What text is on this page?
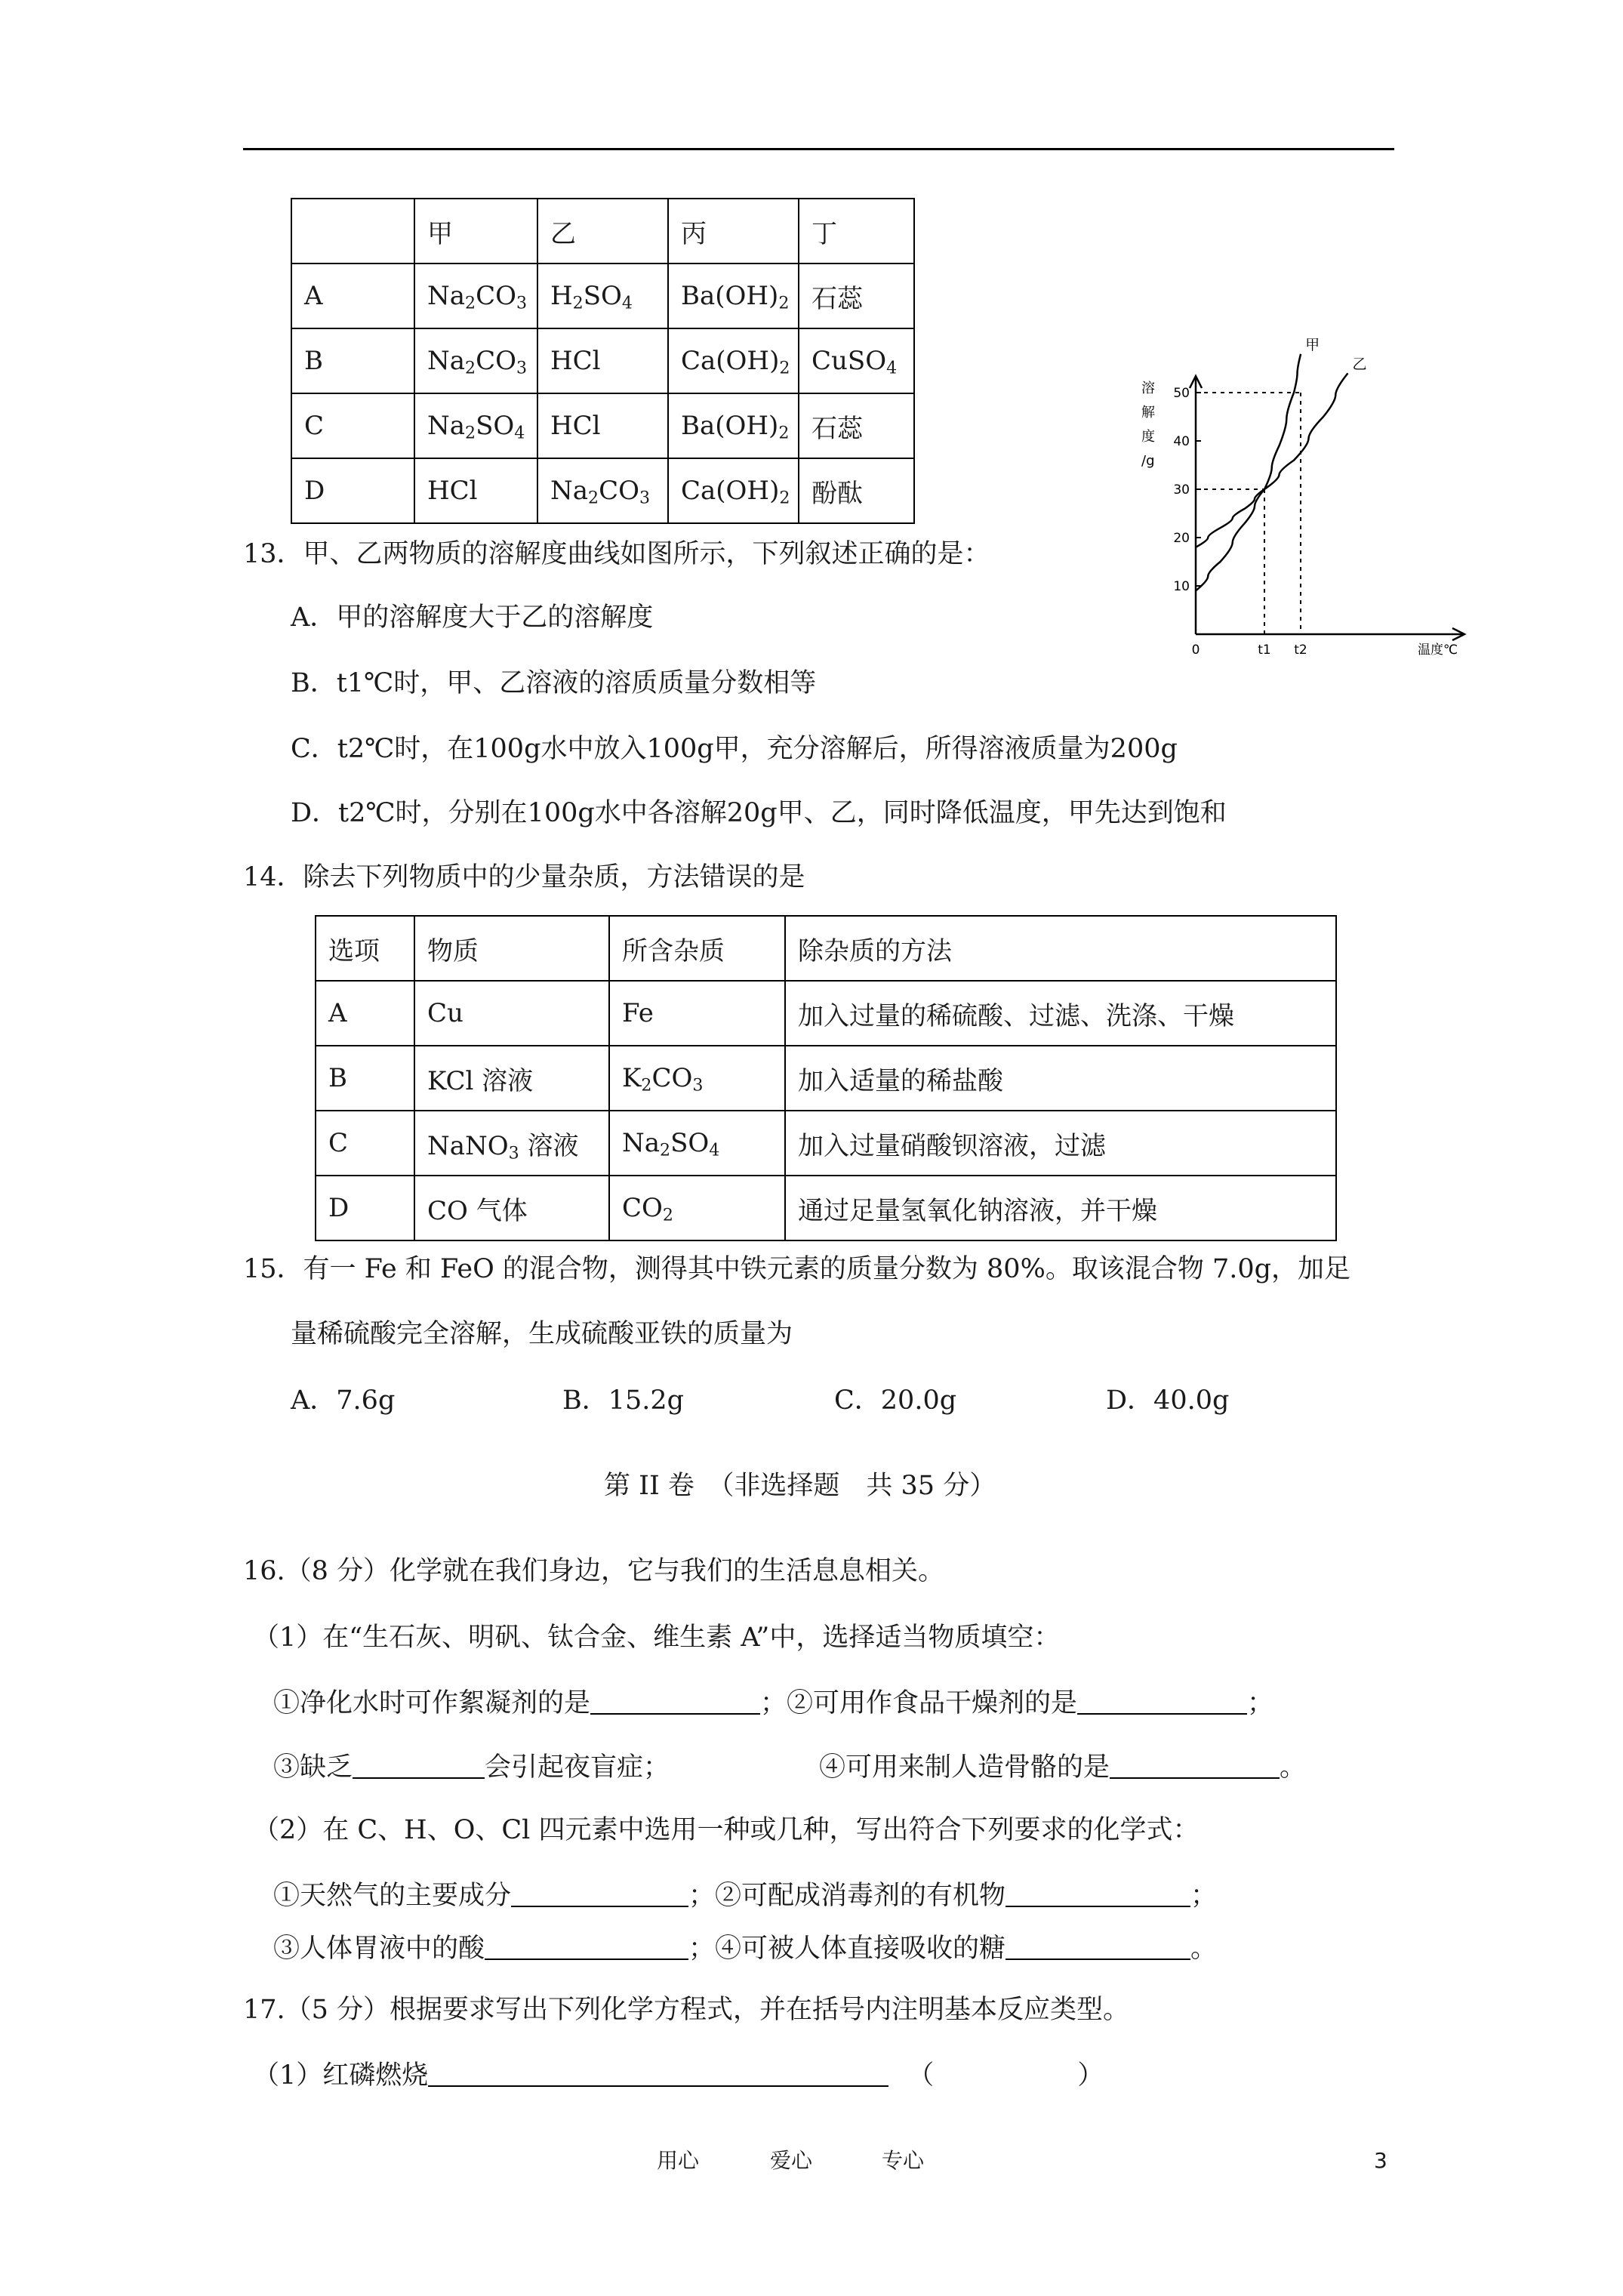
	甲	乙	丙	丁
A	$Na_2CO_3$	$H_2SO_4$	$Ba(OH)_2$	石蕊
B	$Na_2CO_3$	HCl	$Ca(OH)_2$	CuSO$_4$
C	$Na_2SO_4$	HCl	$Ba(OH)_2$	石蕊
D	HCl	$Na_2CO_3$	$Ca(OH)_2$	酚酞
10
20
30
40
50
0	t1 t2
甲
乙
溶
解
度
/g
温度℃
13．甲、乙两物质的溶解度曲线如图所示，下列叙述正确的是：
A．甲的溶解度大于乙的溶解度
B．t1℃时，甲、乙溶液的溶质质量分数相等
C．t2℃时，在100g水中放入100g甲，充分溶解后，所得溶液质量为200g
D．t2℃时，分别在100g水中各溶解20g甲、乙，同时降低温度，甲先达到饱和
14．除去下列物质中的少量杂质，方法错误的是
选项	物质	所含杂质	除杂质的方法
A	Cu	Fe	加入过量的稀硫酸、过滤、洗涤、干燥
B	KCl 溶液	$K_2CO_3$	加入适量的稀盐酸
C	NaNO$_3$ 溶液	$Na_2SO_4$	加入过量硝酸钡溶液，过滤
D	CO 气体	$CO_2$	通过足量氢氧化钠溶液，并干燥
15．有一 Fe 和 FeO 的混合物，测得其中铁元素的质量分数为 80%。取该混合物 7.0g，加足
量稀硫酸完全溶解，生成硫酸亚铁的质量为
A．7.6g	B．15.2g	C．20.0g	D．40.0g
第 II 卷　（非选择题　共 35 分）
16.（8 分）化学就在我们身边，它与我们的生活息息相关。
（1）在“生石灰、明矾、钛合金、维生素 A”中，选择适当物质填空：
①净化水时可作絮凝剂的是	；②可用作食品干燥剂的是	；
③缺乏	会引起夜盲症；	④可用来制人造骨骼的是	。
（2）在 C、H、O、Cl 四元素中选用一种或几种，写出符合下列要求的化学式：
①天然气的主要成分	；②可配成消毒剂的有机物	；
③人体胃液中的酸	；④可被人体直接吸收的糖	。
17.（5 分）根据要求写出下列化学方程式，并在括号内注明基本反应类型。
（1）红磷燃烧	（	）
用心	爱心	专心	3
